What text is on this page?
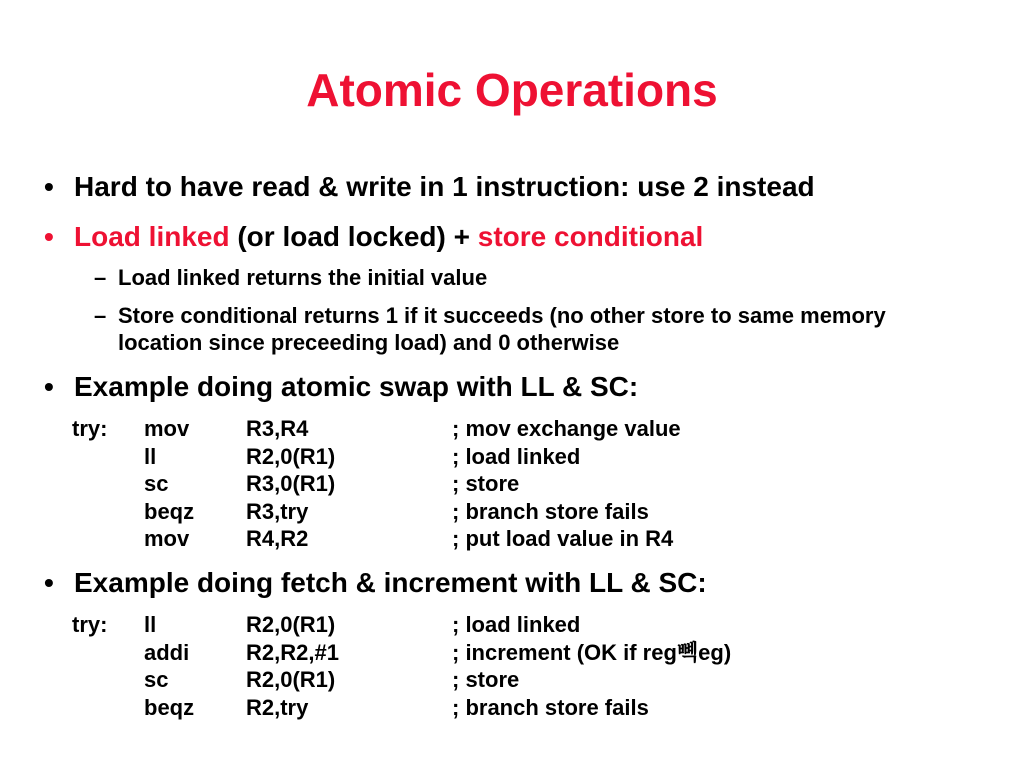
Atomic Operations
• Hard to have read & write in 1 instruction: use 2 instead
• Load linked (or load locked) + store conditional
– Load linked returns the initial value
– Store conditional returns 1 if it succeeds (no other store to same memory location since preceeding load) and 0 otherwise
• Example doing atomic swap with LL & SC:
try: mov	R3,R4	; mov exchange value
ll	R2,0(R1)	; load linked
sc	R3,0(R1)	; store
beqz R3,try	; branch store fails
mov	R4,R2	; put load value in R4
• Example doing fetch & increment with LL & SC:
try: ll	R2,0(R1)	; load linked
addi	R2,R2,#1	; increment (OK if reg뼥eg)
sc	R2,0(R1)	; store
beqz R2,try	; branch store fails
